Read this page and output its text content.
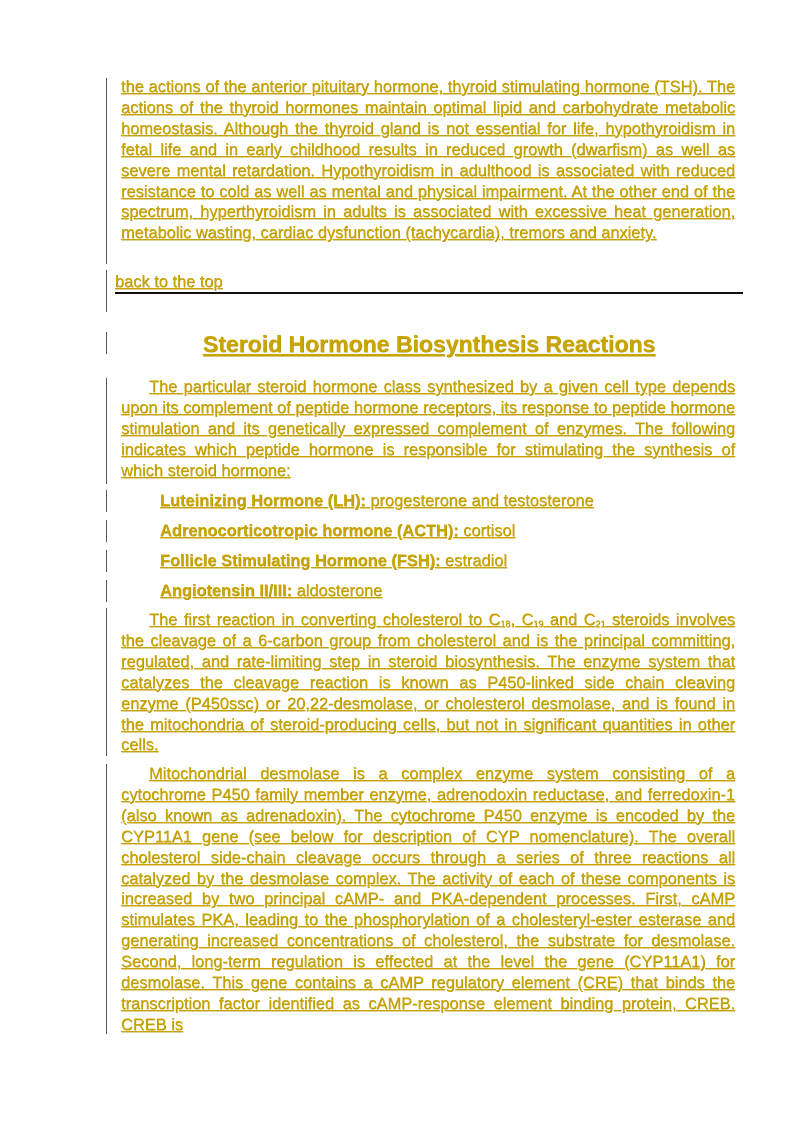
the actions of the anterior pituitary hormone, thyroid stimulating hormone (TSH). The actions of the thyroid hormones maintain optimal lipid and carbohydrate metabolic homeostasis. Although the thyroid gland is not essential for life, hypothyroidism in fetal life and in early childhood results in reduced growth (dwarfism) as well as severe mental retardation. Hypothyroidism in adulthood is associated with reduced resistance to cold as well as mental and physical impairment. At the other end of the spectrum, hyperthyroidism in adults is associated with excessive heat generation, metabolic wasting, cardiac dysfunction (tachycardia), tremors and anxiety.
back to the top
Steroid Hormone Biosynthesis Reactions
The particular steroid hormone class synthesized by a given cell type depends upon its complement of peptide hormone receptors, its response to peptide hormone stimulation and its genetically expressed complement of enzymes. The following indicates which peptide hormone is responsible for stimulating the synthesis of which steroid hormone:
Luteinizing Hormone (LH): progesterone and testosterone
Adrenocorticotropic hormone (ACTH): cortisol
Follicle Stimulating Hormone (FSH): estradiol
Angiotensin II/III: aldosterone
The first reaction in converting cholesterol to $C_{18}$, $C_{19}$ and $C_{21}$ steroids involves the cleavage of a 6-carbon group from cholesterol and is the principal committing, regulated, and rate-limiting step in steroid biosynthesis. The enzyme system that catalyzes the cleavage reaction is known as P450-linked side chain cleaving enzyme (P450ssc) or 20,22-desmolase, or cholesterol desmolase, and is found in the mitochondria of steroid-producing cells, but not in significant quantities in other cells.
Mitochondrial desmolase is a complex enzyme system consisting of a cytochrome P450 family member enzyme, adrenodoxin reductase, and ferredoxin-1 (also known as adrenadoxin). The cytochrome P450 enzyme is encoded by the CYP11A1 gene (see below for description of CYP nomenclature). The overall cholesterol side-chain cleavage occurs through a series of three reactions all catalyzed by the desmolase complex. The activity of each of these components is increased by two principal cAMP- and PKA-dependent processes. First, cAMP stimulates PKA, leading to the phosphorylation of a cholesteryl-ester esterase and generating increased concentrations of cholesterol, the substrate for desmolase. Second, long-term regulation is effected at the level the gene (CYP11A1) for desmolase. This gene contains a cAMP regulatory element (CRE) that binds the transcription factor identified as cAMP-response element binding protein, CREB. CREB is
